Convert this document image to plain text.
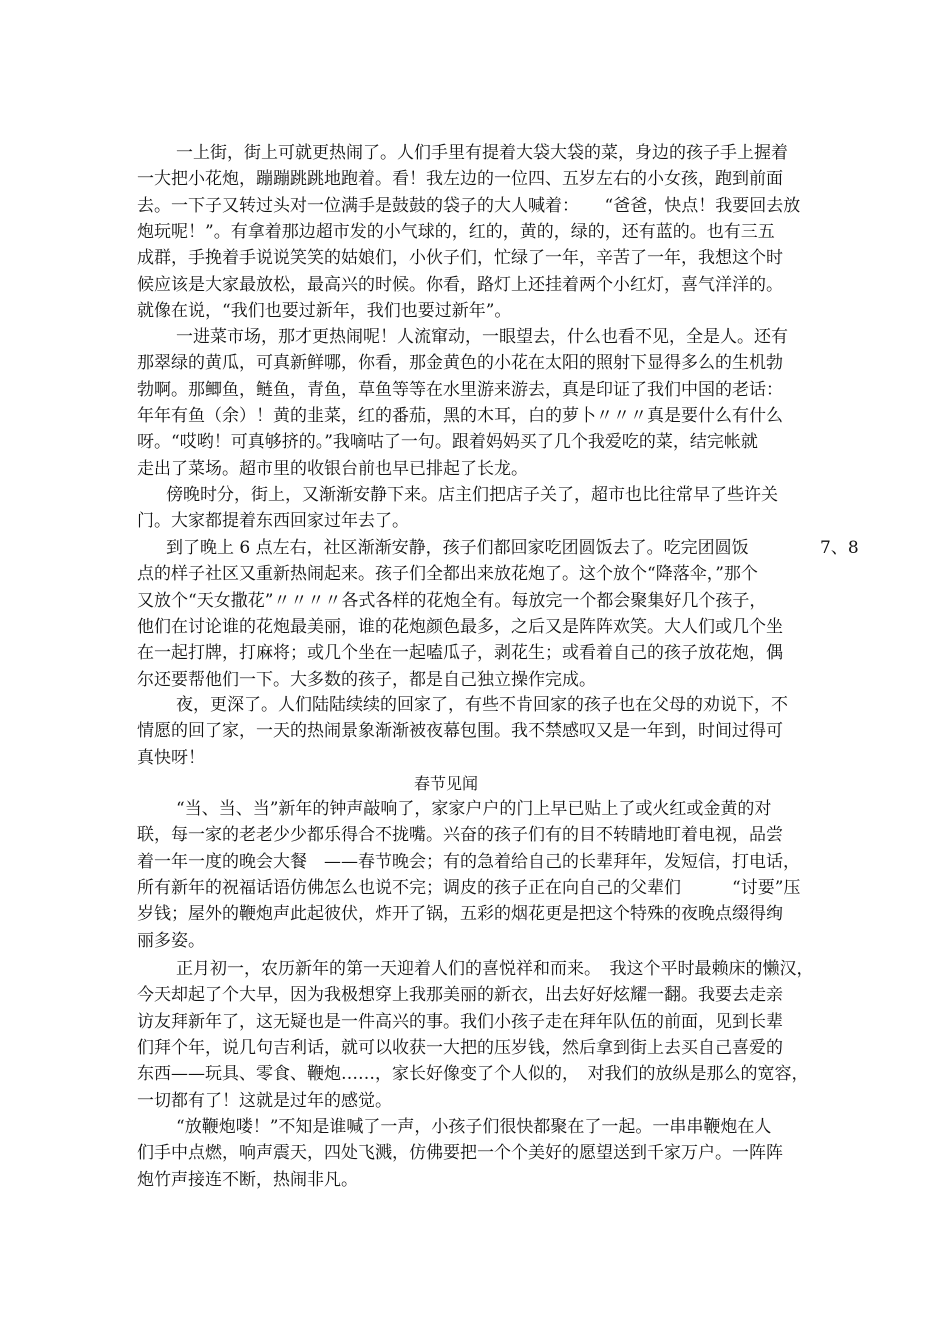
一上街，街上可就更热闹了。人们手里有提着大袋大袋的菜，身边的孩子手上握着
一大把小花炮，蹦蹦跳跳地跑着。看！我左边的一位四、五岁左右的小女孩，跑到前面
去。一下子又转过头对一位满手是鼓鼓的袋子的大人喊着：　　“爸爸，快点！我要回去放
炮玩呢！”。有拿着那边超市发的小气球的，红的，黄的，绿的，还有蓝的。也有三五
成群，手挽着手说说笑笑的姑娘们，小伙子们，忙绿了一年，辛苦了一年，我想这个时
候应该是大家最放松，最高兴的时候。你看，路灯上还挂着两个小红灯，喜气洋洋的。
就像在说，“我们也要过新年，我们也要过新年”。
一进菜市场，那才更热闹呢！人流窜动，一眼望去，什么也看不见，全是人。还有
那翠绿的黄瓜，可真新鲜哪，你看，那金黄色的小花在太阳的照射下显得多么的生机勃
勃啊。那鲫鱼，鲢鱼，青鱼，草鱼等等在水里游来游去，真是印证了我们中国的老话：
年年有鱼（余）！黄的韭菜，红的番茄，黑的木耳，白的萝卜〃〃〃真是要什么有什么
呀。“哎哟！可真够挤的。”我嘀咕了一句。跟着妈妈买了几个我爱吃的菜，结完帐就
走出了菜场。超市里的收银台前也早已排起了长龙。
傍晚时分，街上，又渐渐安静下来。店主们把店子关了，超市也比往常早了些许关
门。大家都提着东西回家过年去了。
到了晚上 6 点左右，社区渐渐安静，孩子们都回家吃团圆饭去了。吃完团圆饭
点的样子社区又重新热闹起来。孩子们全都出来放花炮了。这个放个“降落伞，”那个
又放个“天女撒花”〃〃〃〃各式各样的花炮全有。每放完一个都会聚集好几个孩子，
他们在讨论谁的花炮最美丽，谁的花炮颜色最多，之后又是阵阵欢笑。大人们或几个坐
在一起打牌，打麻将；或几个坐在一起嗑瓜子，剥花生；或看着自己的孩子放花炮，偶
尔还要帮他们一下。大多数的孩子，都是自己独立操作完成。
7、8
夜，更深了。人们陆陆续续的回家了，有些不肯回家的孩子也在父母的劝说下，不
情愿的回了家，一天的热闹景象渐渐被夜幕包围。我不禁感叹又是一年到，时间过得可
真快呀！
春节见闻
“当、当、当”新年的钟声敲响了，家家户户的门上早已贴上了或火红或金黄的对
联，每一家的老老少少都乐得合不拢嘴。兴奋的孩子们有的目不转睛地盯着电视，品尝
着一年一度的晚会大餐　——春节晚会；有的急着给自己的长辈拜年，发短信，打电话，
所有新年的祝福话语仿佛怎么也说不完；调皮的孩子正在向自己的父辈们　　　“讨要”压
岁钱；屋外的鞭炮声此起彼伏，炸开了锅，五彩的烟花更是把这个特殊的夜晚点缀得绚
丽多姿。
正月初一，农历新年的第一天迎着人们的喜悦祥和而来。　我这个平时最赖床的懒汉，
今天却起了个大早，因为我极想穿上我那美丽的新衣，出去好好炫耀一翻。我要去走亲
访友拜新年了，这无疑也是一件高兴的事。我们小孩子走在拜年队伍的前面，见到长辈
们拜个年，说几句吉利话，就可以收获一大把的压岁钱，然后拿到街上去买自己喜爱的
东西——玩具、零食、鞭炮……，家长好像变了个人似的，　对我们的放纵是那么的宽容，
一切都有了！这就是过年的感觉。
“放鞭炮喽！”不知是谁喊了一声，小孩子们很快都聚在了一起。一串串鞭炮在人
们手中点燃，响声震天，四处飞溅，仿佛要把一个个美好的愿望送到千家万户。一阵阵
炮竹声接连不断，热闹非凡。
